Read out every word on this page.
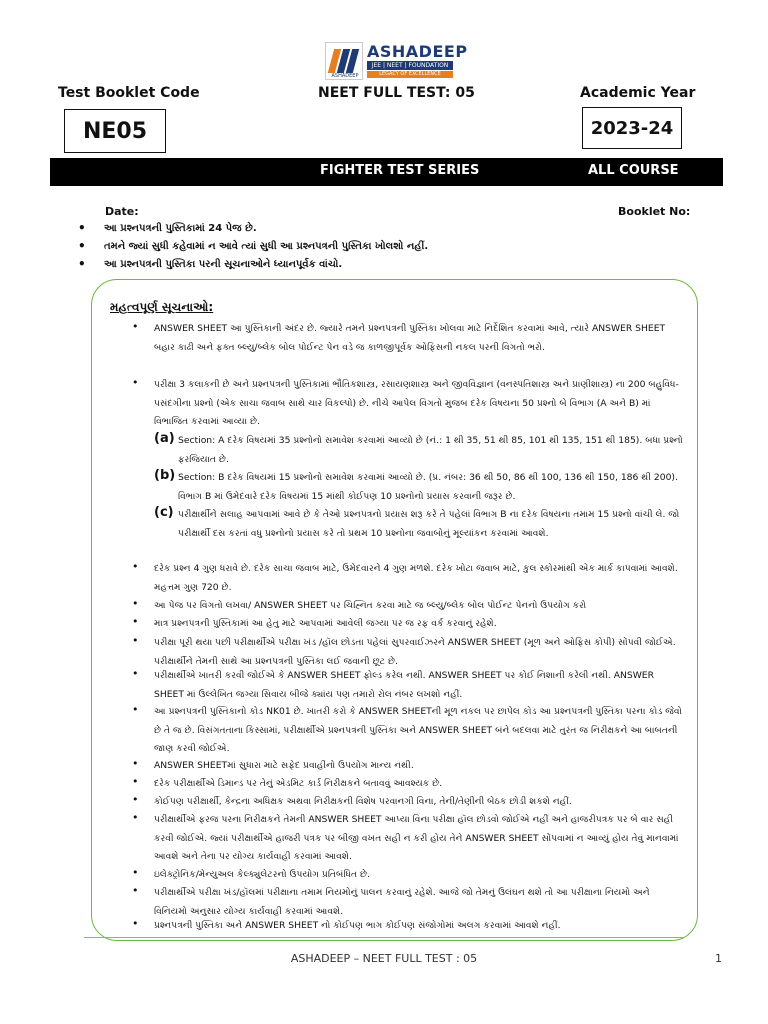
ASHADEEP
ASHADEEP
JEE | NEET | FOUNDATION
LEGACY OF EXCELLENCE
Test Booklet Code	NEET FULL TEST: 05	Academic Year
NE05	2023-24
FIGHTER TEST SERIES	ALL COURSE
Date:	Booklet No:
• આ પ્રશ્નપત્રની પુસ્તિકામાં 24 પેજ છે.
• તમને જ્યાં સુધી કહેવામાં ન આવે ત્યાં સુધી આ પ્રશ્નપત્રની પુસ્તિકા ખોલશો નહીં.
• આ પ્રશ્નપત્રની પુસ્તિકા પરની સૂચનાઓને ધ્યાનપૂર્વક વાંચો.
મહત્વપૂર્ણ સૂચનાઓ:
• ANSWER SHEET આ પુસ્તિકાની અંદર છે. જ્યારે તમને પ્રશ્નપત્રની પુસ્તિકા ખોલવા માટે નિર્દેશિત કરવામાં આવે, ત્યારે ANSWER SHEET બહાર કાઢી અને ફક્ત બ્લ્યુ/બ્લેક બોલ પોઈન્ટ પેન વડે જ કાળજીપૂર્વક ઓફિસની નકલ પરની વિગતો ભરો.
• પરીક્ષા 3 કલાકની છે અને પ્રશ્નપત્રની પુસ્તિકામાં ભૌતિકશાસ્ત્ર, રસાયણશાસ્ત્ર અને જીવવિજ્ઞાન (વનસ્પતિશાસ્ત્ર અને પ્રાણીશાસ્ત્ર) ના 200 બહુવિધ-પસંદગીના પ્રશ્નો (એક સાચા જવાબ સાથે ચાર વિકલ્પો) છે. નીચે આપેલ વિગતો મુજબ દરેક વિષયના 50 પ્રશ્નો બે વિભાગ (A અને B) માં વિભાજિત કરવામાં આવ્યા છે.
(a) Section: A દરેક વિષયમાં 35 પ્રશ્નોનો સમાવેશ કરવામાં આવ્યો છે (નં.: 1 થી 35, 51 થી 85, 101 થી 135, 151 થી 185). બધા પ્રશ્નો ફરજિયાત છે.
(b) Section: B દરેક વિષયમાં 15 પ્રશ્નોનો સમાવેશ કરવામાં આવ્યો છે. (પ્ર. નંબર: 36 થી 50, 86 થી 100, 136 થી 150, 186 થી 200). વિભાગ B માં ઉમેદવારે દરેક વિષયમાં 15 માંથી કોઈપણ 10 પ્રશ્નોનો પ્રયાસ કરવાની જરૂર છે.
(c) પરીક્ષાર્થીને સલાહ આપવામાં આવે છે કે તેઓ પ્રશ્નપત્રનો પ્રયાસ શરૂ કરે તે પહેલાં વિભાગ B ના દરેક વિષયના તમામ 15 પ્રશ્નો વાંચી લે. જો પરીક્ષાર્થી દસ કરતાં વધુ પ્રશ્નોનો પ્રયાસ કરે તો પ્રથમ 10 પ્રશ્નોના જવાબોનું મૂલ્યાંકન કરવામાં આવશે.
• દરેક પ્રશ્ન 4 ગુણ ધરાવે છે. દરેક સાચા જવાબ માટે, ઉમેદવારને 4 ગુણ મળશે. દરેક ખોટા જવાબ માટે, કુલ સ્કોરમાંથી એક માર્ક કાપવામાં આવશે. મહત્તમ ગુણ 720 છે.
• આ પેજ પર વિગતો લખવા/ ANSWER SHEET પર ચિહ્નિત કરવા માટે જ બ્લ્યુ/બ્લેક બોલ પોઈન્ટ પેનનો ઉપયોગ કરો
• માત્ર પ્રશ્નપત્રની પુસ્તિકામાં આ હેતુ માટે આપવામાં આવેલી જગ્યા પર જ રફ વર્ક કરવાનું રહેશે.
• પરીક્ષા પૂરી થયા પછી પરીક્ષાર્થીએ પરીક્ષા ખંડ /હૉલ છોડતા પહેલાં સુપરવાઈઝરને ANSWER SHEET (મૂળ અને ઓફિસ કોપી) સોંપવી જોઈએ. પરીક્ષાર્થીને તેમની સાથે આ પ્રશ્નપત્રની પુસ્તિકા લઈ જવાની છૂટ છે.
• પરીક્ષાર્થીએ ખાતરી કરવી જોઈએ કે ANSWER SHEET ફોલ્ડ કરેલ નથી. ANSWER SHEET પર કોઈ નિશાની કરેલી નથી. ANSWER SHEET માં ઉલ્લેખિત જગ્યા સિવાય બીજે ક્યાંય પણ તમારો રોલ નંબર લખશો નહીં.
• આ પ્રશ્નપત્રની પુસ્તિકાનો કોડ NK01 છે. ખાતરી કરો કે ANSWER SHEETની મૂળ નકલ પર છાપેલ કોડ આ પ્રશ્નપત્રની પુસ્તિકા પરના કોડ જેવો છે તે જ છે. વિસંગતતાના કિસ્સામાં, પરીક્ષાર્થીએ પ્રશ્નપત્રની પુસ્તિકા અને ANSWER SHEET બંને બદલવા માટે તુરંત જ નિરીક્ષકને આ બાબતની જાણ કરવી જોઈએ.
• ANSWER SHEETમાં સુધારા માટે સફેદ પ્રવાહીનો ઉપયોગ માન્ય નથી.
• દરેક પરીક્ષાર્થીએ ડિમાન્ડ પર તેનું એડમિટ કાર્ડ નિરીક્ષકને બતાવવું આવશ્યક છે.
• કોઈપણ પરીક્ષાર્થી, કેન્દ્રના અધિક્ષક અથવા નિરીક્ષકની વિશેષ પરવાનગી વિના, તેની/તેણીની બેઠક છોડી શકશે નહીં.
• પરીક્ષાર્થીએ ફરજ પરના નિરીક્ષકને તેમની ANSWER SHEET આપ્યા વિના પરીક્ષા હૉલ છોડવો જોઈએ નહીં અને હાજરીપત્રક પર બે વાર સહી કરવી જોઈએ. જ્યાં પરીક્ષાર્થીએ હાજરી પત્રક પર બીજી વખત સહી ન કરી હોય તેને ANSWER SHEET સોંપવામાં ન આવ્યું હોય તેવું માનવામાં આવશે અને તેના પર યોગ્ય કાર્યવાહી કરવામાં આવશે.
• ઇલેક્ટ્રોનિક/મેન્યુઅલ કેલ્ક્યુલેટરનો ઉપયોગ પ્રતિબંધિત છે.
• પરીક્ષાર્થીએ પરીક્ષા ખંડ/હૉલમાં પરીક્ષાના તમામ નિયમોનું પાલન કરવાનું રહેશે. આજે જો તેમનું ઉલંઘન થશે તો આ પરીક્ષાના નિયમો અને વિનિયમો અનુસાર યોગ્ય કાર્યવાહી કરવામાં આવશે.
• પ્રશ્નપત્રની પુસ્તિકા અને ANSWER SHEET નો કોઈપણ ભાગ કોઈપણ સંજોગોમાં અલગ કરવામાં આવશે નહીં.
ASHADEEP – NEET FULL TEST : 05	1
